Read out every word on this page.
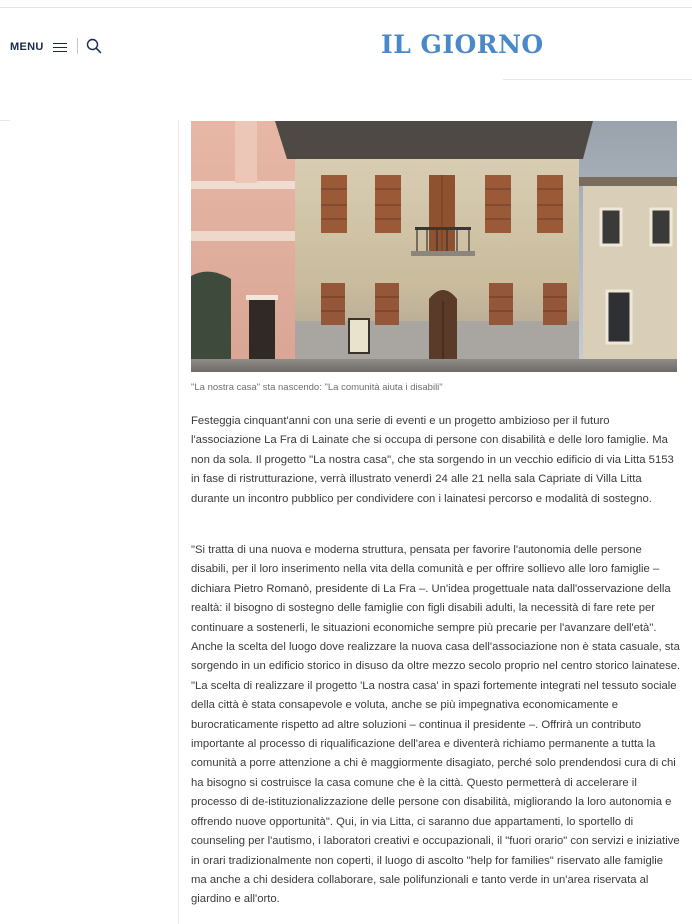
MENU	IL GIORNO
"La nostra casa" sta nascendo: "La comunità aiuta i disabili"

Festeggia cinquant'anni con una serie di eventi e un progetto ambizioso per il futuro l'associazione La Fra di Lainate che si occupa di persone con disabilità e delle loro famiglie. Ma non da sola. Il progetto "La nostra casa", che sta sorgendo in un vecchio edificio di via Litta 5153 in fase di ristrutturazione, verrà illustrato venerdì 24 alle 21 nella sala Capriate di Villa Litta durante un incontro pubblico per condividere con i lainatesi percorso e modalità di sostegno.

"Si tratta di una nuova e moderna struttura, pensata per favorire l'autonomia delle persone disabili, per il loro inserimento nella vita della comunità e per offrire sollievo alle loro famiglie – dichiara Pietro Romanò, presidente di La Fra –. Un'idea progettuale nata dall'osservazione della realtà: il bisogno di sostegno delle famiglie con figli disabili adulti, la necessità di fare rete per continuare a sostenerli, le situazioni economiche sempre più precarie per l'avanzare dell'età". Anche la scelta del luogo dove realizzare la nuova casa dell'associazione non è stata casuale, sta sorgendo in un edificio storico in disuso da oltre mezzo secolo proprio nel centro storico lainatese. "La scelta di realizzare il progetto 'La nostra casa' in spazi fortemente integrati nel tessuto sociale della città è stata consapevole e voluta, anche se più impegnativa economicamente e burocraticamente rispetto ad altre soluzioni – continua il presidente –. Offrirà un contributo importante al processo di riqualificazione dell'area e diventerà richiamo permanente a tutta la comunità a porre attenzione a chi è maggiormente disagiato, perché solo prendendosi cura di chi ha bisogno si costruisce la casa comune che è la città. Questo permetterà di accelerare il processo di de-istituzionalizzazione delle persone con disabilità, migliorando la loro autonomia e offrendo nuove opportunità". Qui, in via Litta, ci saranno due appartamenti, lo sportello di counseling per l'autismo, i laboratori creativi e occupazionali, il "fuori orario" con servizi e iniziative in orari tradizionalmente non coperti, il luogo di ascolto "help for families" riservato alle famiglie ma anche a chi desidera collaborare, sale polifunzionali e tanto verde in un'area riservata al giardino e all'orto.
